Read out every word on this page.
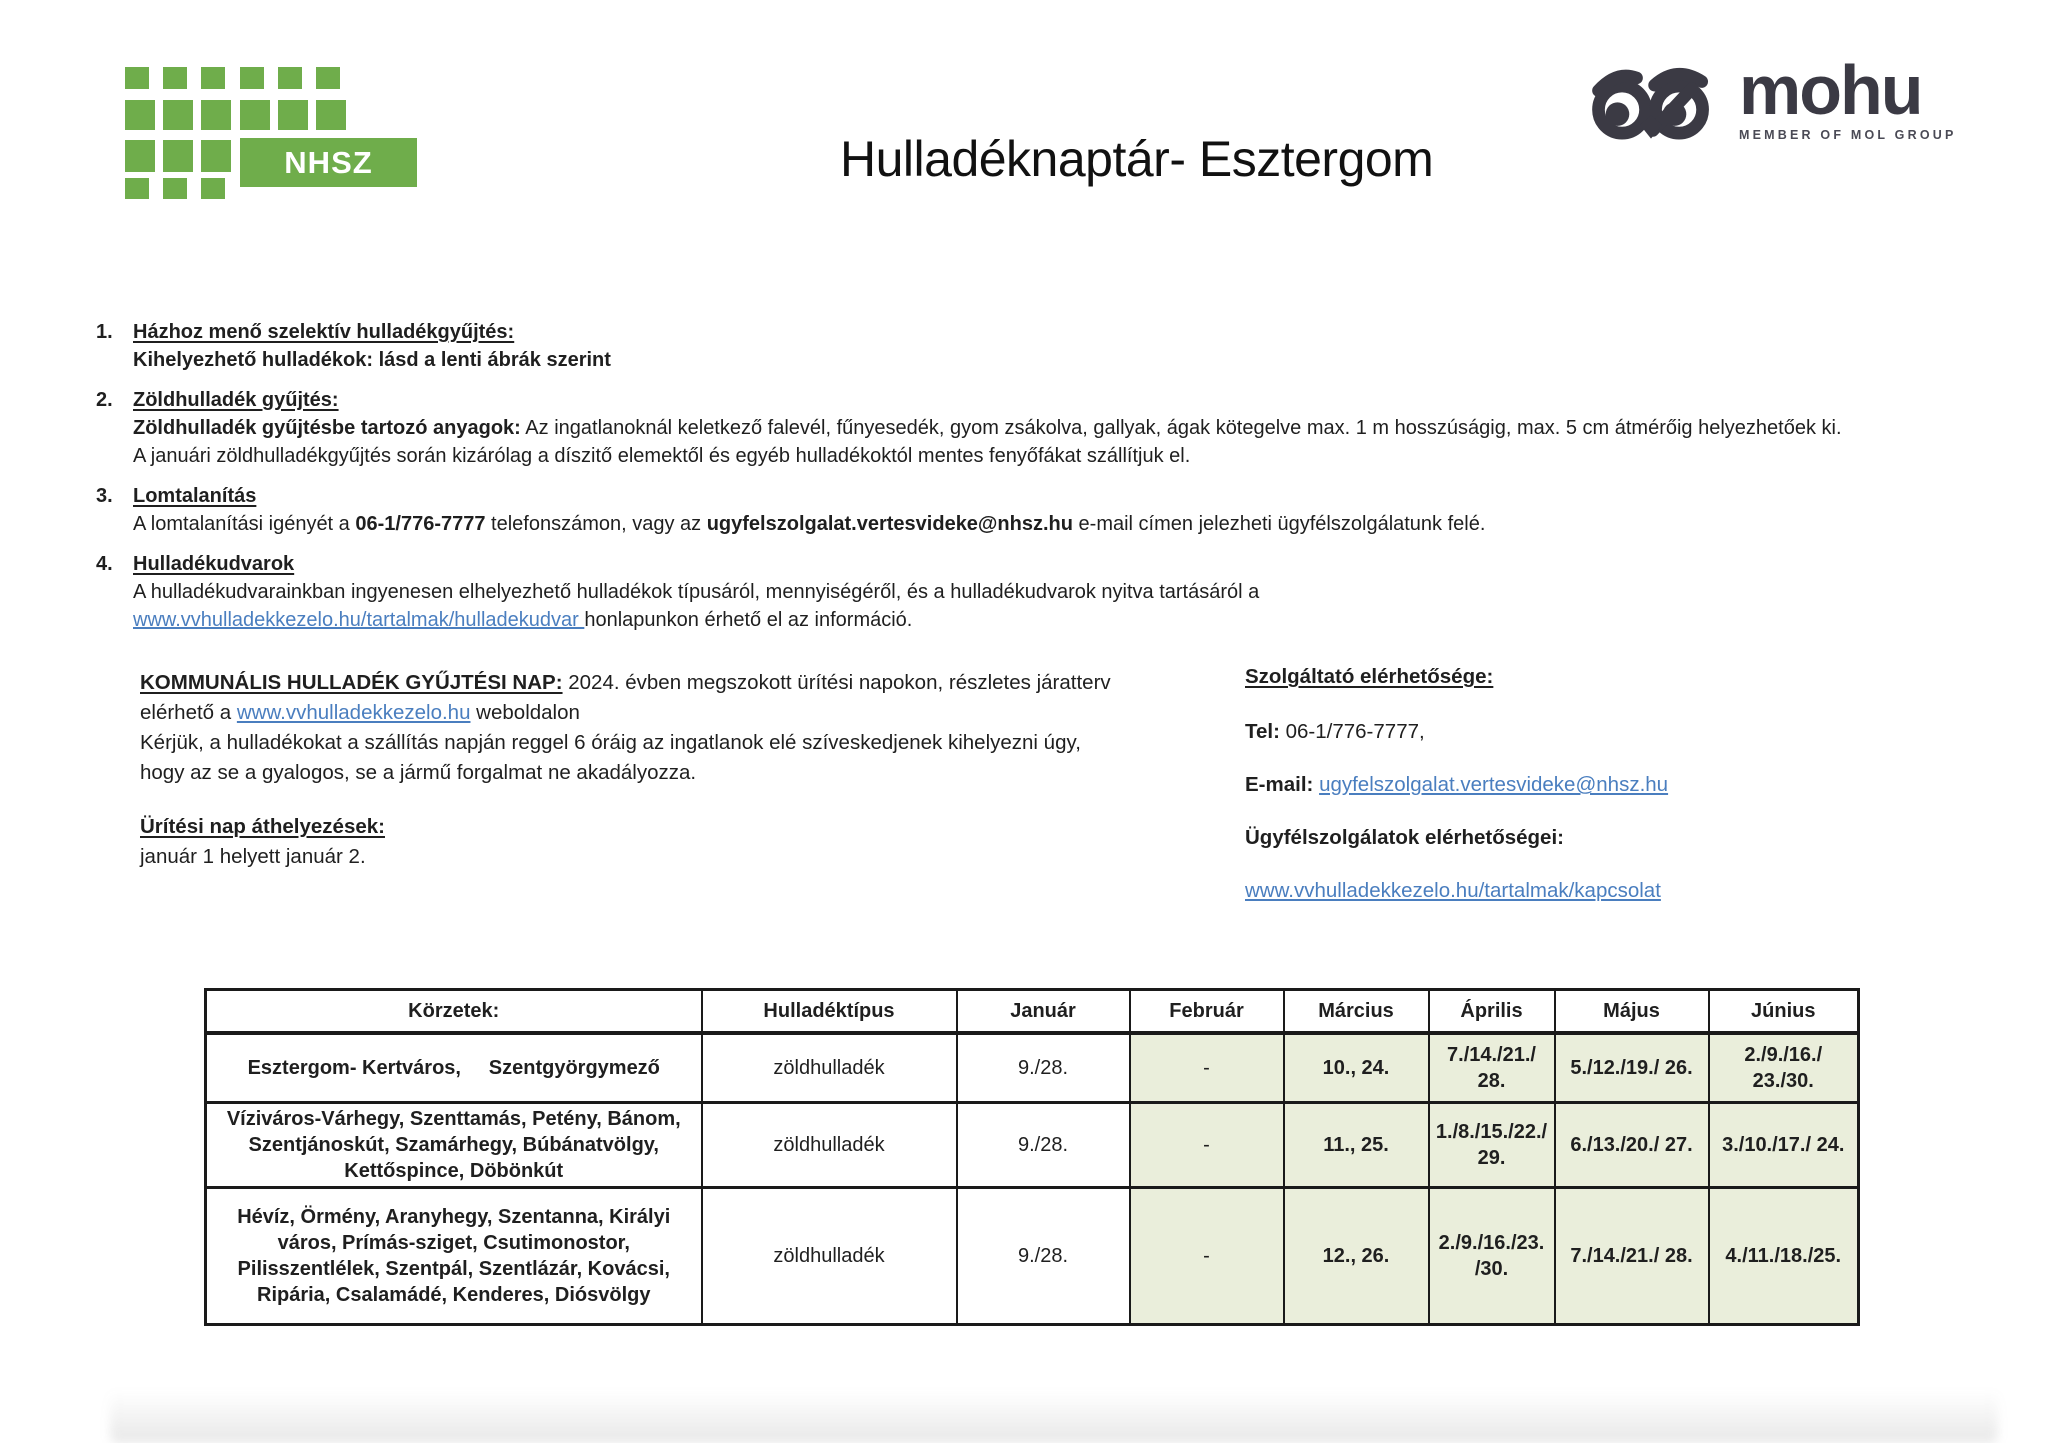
NHSZ	Hulladéknaptár- Esztergom
mohu
MEMBER OF MOL GROUP
1.	Házhoz menő szelektív hulladékgyűjtés:
Kihelyezhető hulladékok: lásd a lenti ábrák szerint
2.	Zöldhulladék gyűjtés:
Zöldhulladék gyűjtésbe tartozó anyagok: Az ingatlanoknál keletkező falevél, fűnyesedék, gyom zsákolva, gallyak, ágak kötegelve max. 1 m hosszúságig, max. 5 cm átmérőig helyezhetőek ki.
A januári zöldhulladékgyűjtés során kizárólag a díszitő elemektől és egyéb hulladékoktól mentes fenyőfákat szállítjuk el.
3.	Lomtalanítás
A lomtalanítási igényét a 06-1/776-7777 telefonszámon, vagy az ugyfelszolgalat.vertesvideke@nhsz.hu e-mail címen jelezheti ügyfélszolgálatunk felé.
4.	Hulladékudvarok
A hulladékudvarainkban ingyenesen elhelyezhető hulladékok típusáról, mennyiségéről, és a hulladékudvarok nyitva tartásáról a
www.vvhulladekkezelo.hu/tartalmak/hulladekudvar honlapunkon érhető el az információ.

KOMMUNÁLIS HULLADÉK GYŰJTÉSI NAP: 2024. évben megszokott ürítési napokon, részletes járatterv elérhető a www.vvhulladekkezelo.hu weboldalon

Kérjük, a hulladékokat a szállítás napján reggel 6 óráig az ingatlanok elé szíveskedjenek kihelyezni úgy, hogy az se a gyalogos, se a jármű forgalmat ne akadályozza.

Ürítési nap áthelyezések:
január 1 helyett január 2.

Szolgáltató elérhetősége:

Tel: 06-1/776-7777,

E-mail: ugyfelszolgalat.vertesvideke@nhsz.hu

Ügyfélszolgálatok elérhetőségei:

www.vvhulladekkezelo.hu/tartalmak/kapcsolat

Körzetek:	Hulladéktípus	Január	Február	Március	Április	Május	Június
Esztergom- Kertváros,     Szentgyörgymező	zöldhulladék	9./28.	-	10., 24.	7./14./21./ 28.	5./12./19./ 26.	2./9./16./ 23./30.
Víziváros-Várhegy, Szenttamás, Petény, Bánom, Szentjánoskút, Szamárhegy, Búbánatvölgy, Kettőspince, Döbönkút	zöldhulladék	9./28.	-	11., 25.	1./8./15./22./ 29.	6./13./20./ 27.	3./10./17./ 24.
Hévíz, Örmény, Aranyhegy, Szentanna, Királyi város, Prímás-sziget, Csutimonostor, Pilisszentlélek, Szentpál, Szentlázár, Kovácsi, Ripária, Csalamádé, Kenderes, Diósvölgy	zöldhulladék	9./28.	-	12., 26.	2./9./16./23. /30.	7./14./21./ 28.	4./11./18./25.
